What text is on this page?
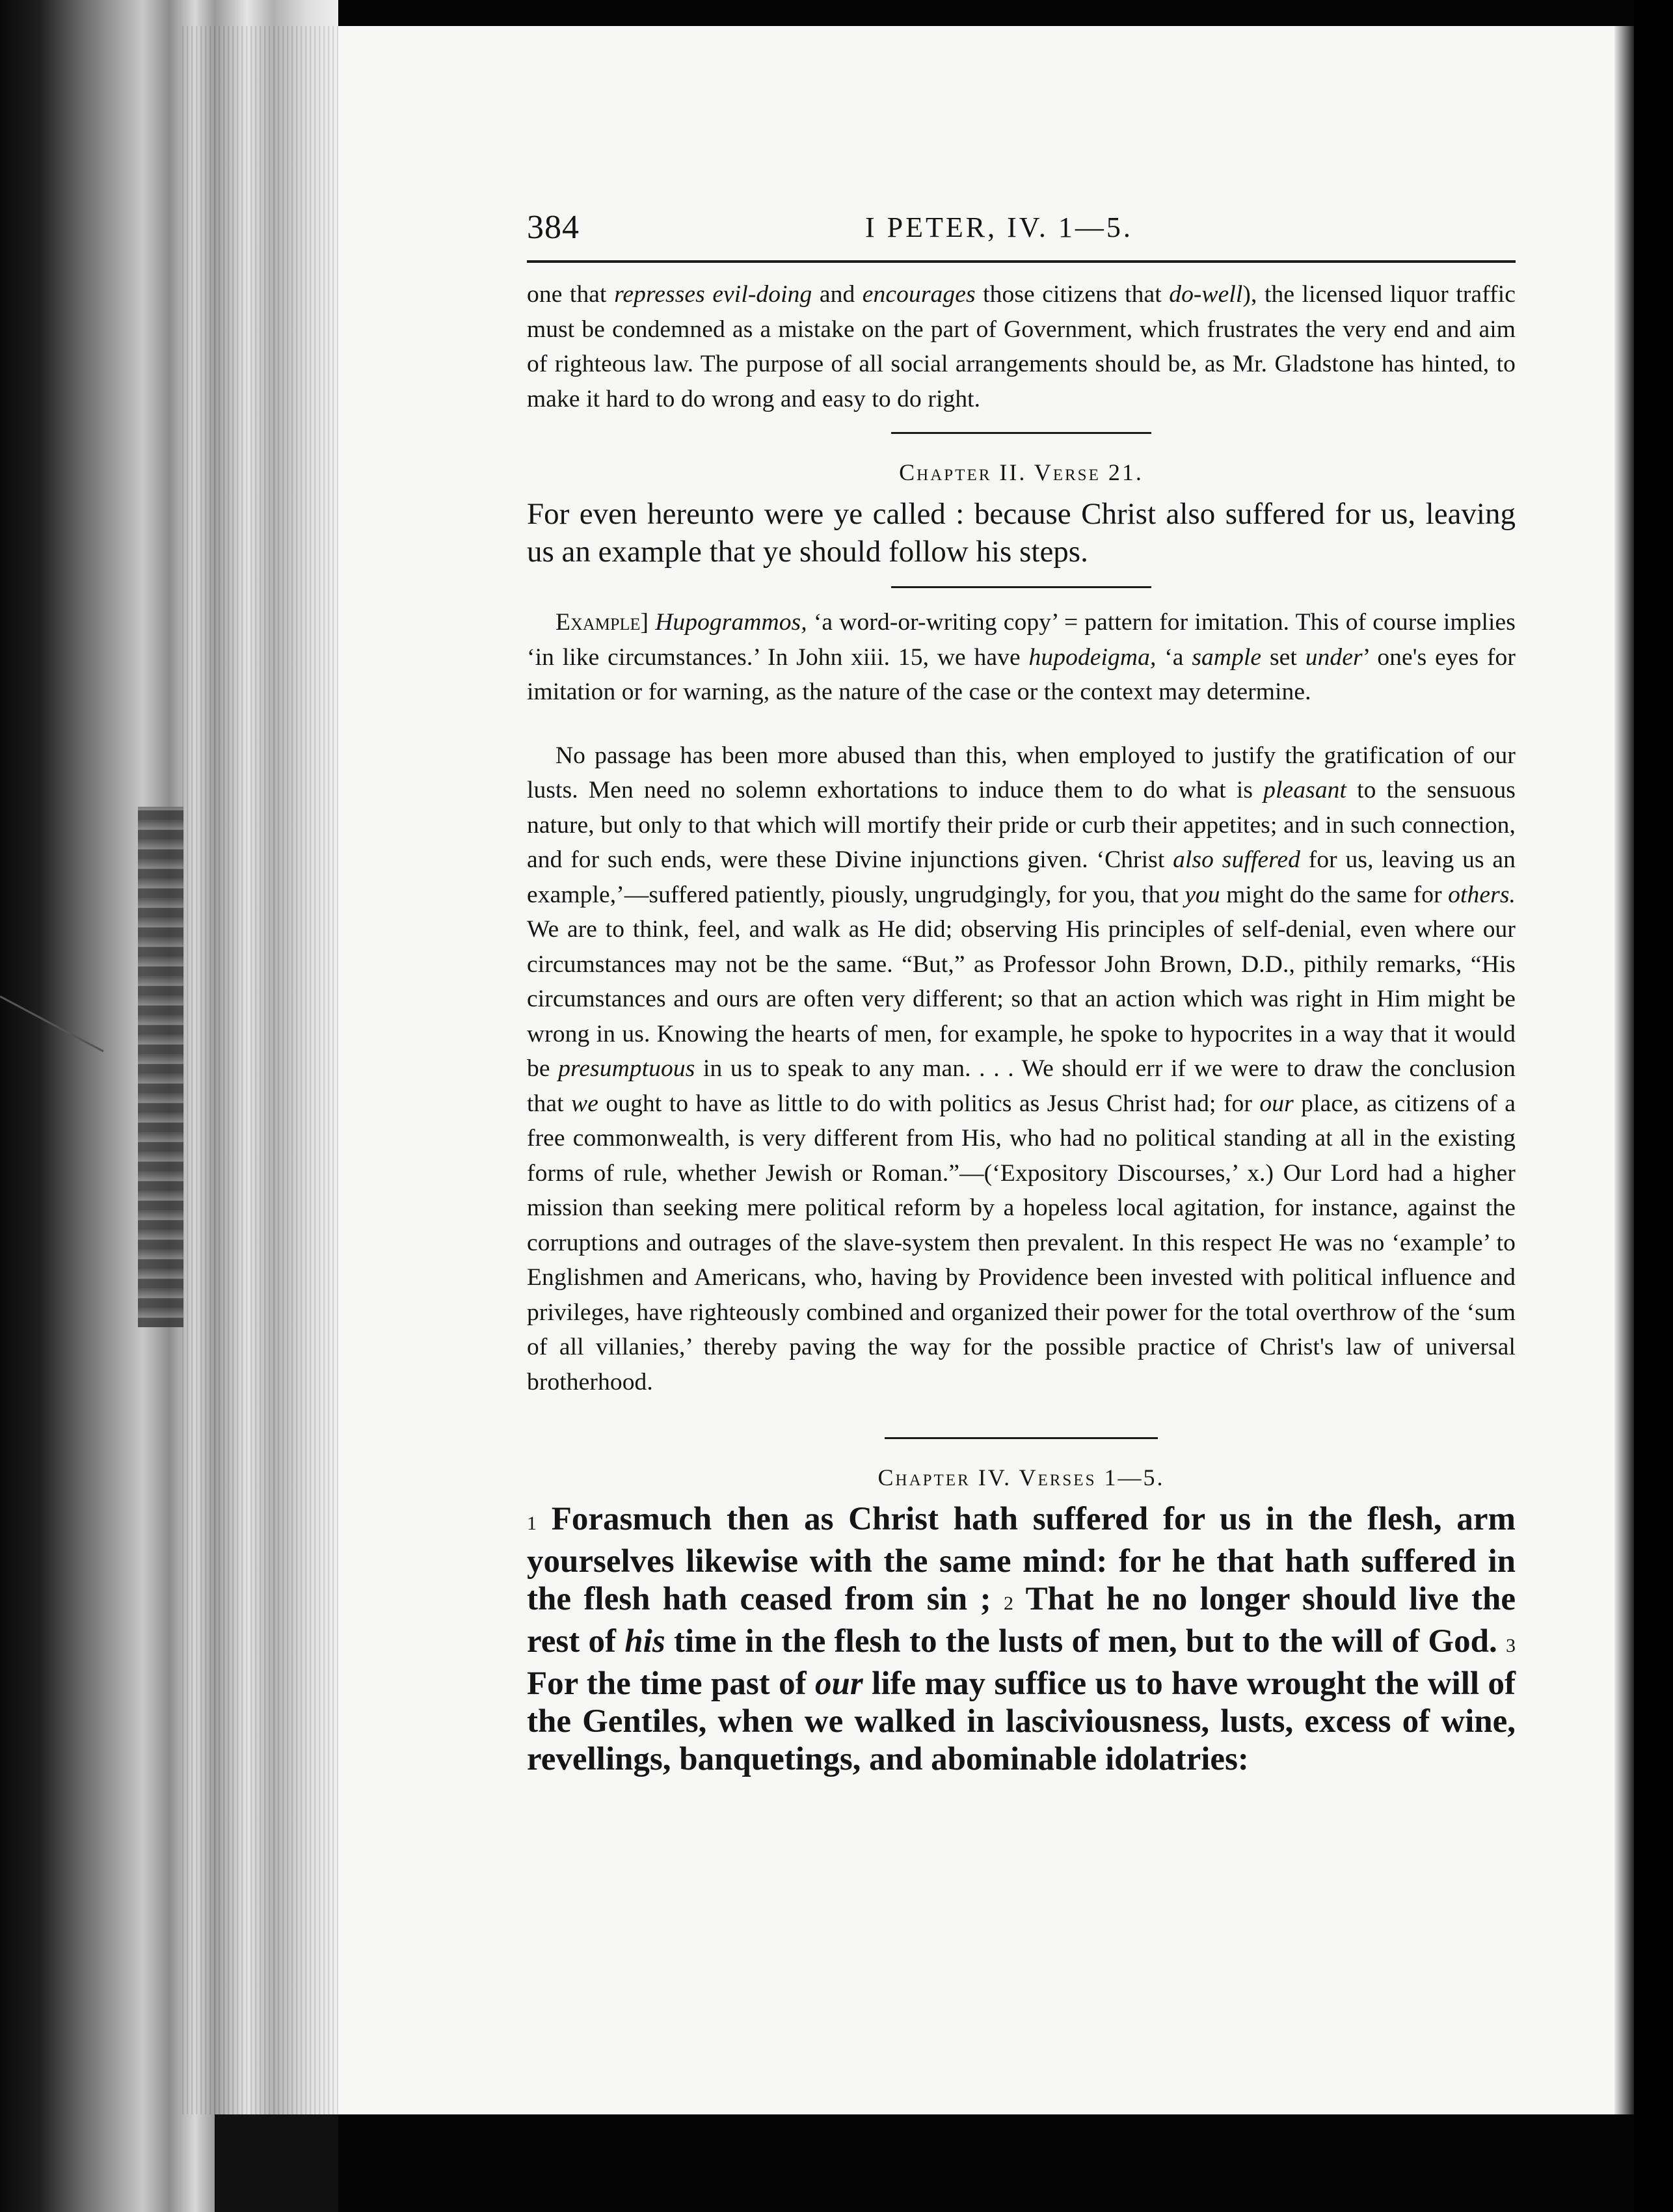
384	I PETER, IV. 1—5.

one that represses evil-doing and encourages those citizens that do-well), the licensed liquor traffic must be condemned as a mistake on the part of Government, which frustrates the very end and aim of righteous law. The purpose of all social arrangements should be, as Mr. Gladstone has hinted, to make it hard to do wrong and easy to do right.

Chapter II. Verse 21.

For even hereunto were ye called : because Christ also suffered for us, leaving us an example that ye should follow his steps.

Example] Hupogrammos, ‘a word-or-writing copy’ = pattern for imitation. This of course implies ‘in like circumstances.’ In John xiii. 15, we have hupodeigma, ‘a sample set under’ one's eyes for imitation or for warning, as the nature of the case or the context may determine.

No passage has been more abused than this, when employed to justify the gratification of our lusts. Men need no solemn exhortations to induce them to do what is pleasant to the sensuous nature, but only to that which will mortify their pride or curb their appetites; and in such connection, and for such ends, were these Divine injunctions given. ‘Christ also suffered for us, leaving us an example,’—suffered patiently, piously, ungrudgingly, for you, that you might do the same for others. We are to think, feel, and walk as He did; observing His principles of self-denial, even where our circumstances may not be the same. “But,” as Professor John Brown, D.D., pithily remarks, “His circumstances and ours are often very different; so that an action which was right in Him might be wrong in us. Knowing the hearts of men, for example, he spoke to hypocrites in a way that it would be presumptuous in us to speak to any man. . . . We should err if we were to draw the conclusion that we ought to have as little to do with politics as Jesus Christ had; for our place, as citizens of a free commonwealth, is very different from His, who had no political standing at all in the existing forms of rule, whether Jewish or Roman.”—(‘Expository Discourses,’ x.) Our Lord had a higher mission than seeking mere political reform by a hopeless local agitation, for instance, against the corruptions and outrages of the slave-system then prevalent. In this respect He was no ‘example’ to Englishmen and Americans, who, having by Providence been invested with political influence and privileges, have righteously combined and organized their power for the total overthrow of the ‘sum of all villanies,’ thereby paving the way for the possible practice of Christ's law of universal brotherhood.

Chapter IV. Verses 1—5.

1 Forasmuch then as Christ hath suffered for us in the flesh, arm yourselves likewise with the same mind: for he that hath suffered in the flesh hath ceased from sin ; 2 That he no longer should live the rest of his time in the flesh to the lusts of men, but to the will of God. 3 For the time past of our life may suffice us to have wrought the will of the Gentiles, when we walked in lasciviousness, lusts, excess of wine, revellings, banquetings, and abominable idolatries:
